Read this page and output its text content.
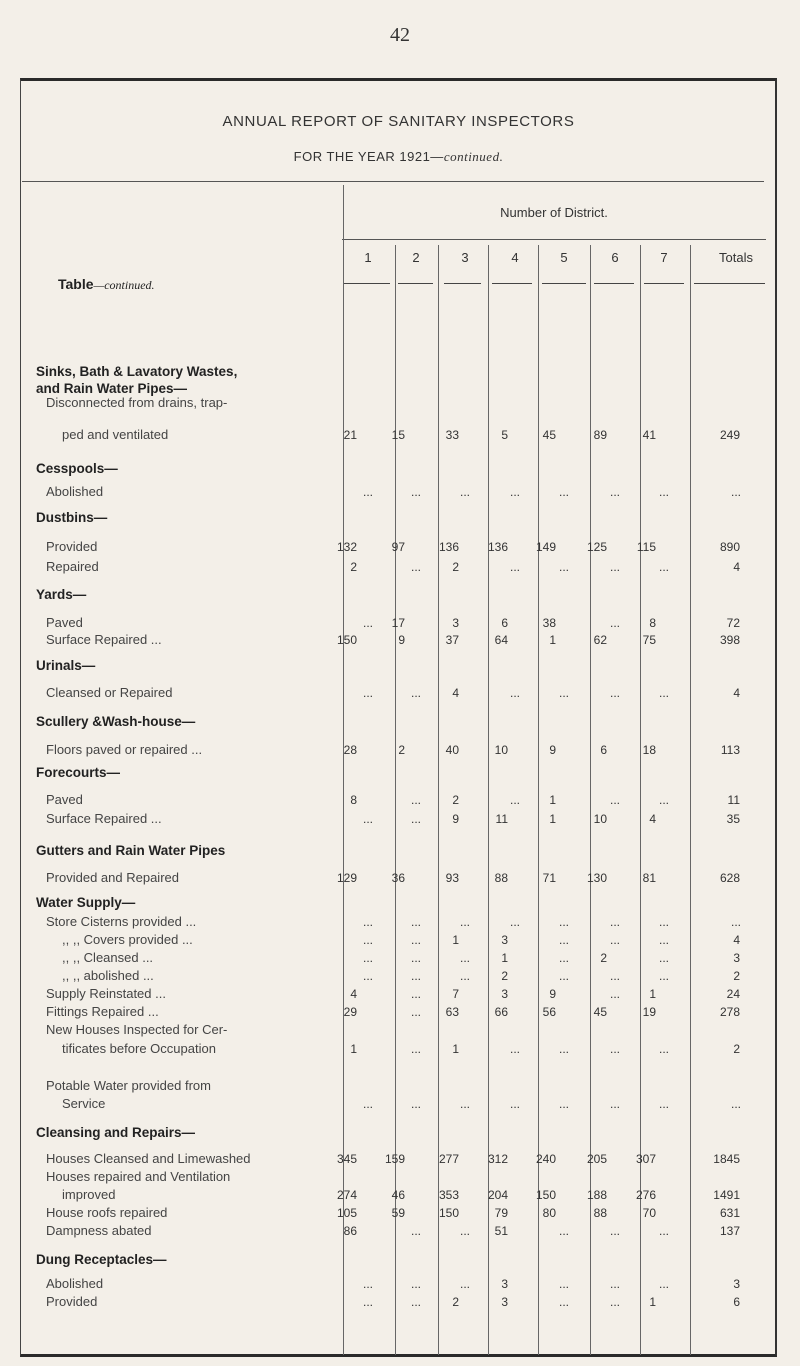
42
ANNUAL REPORT OF SANITARY INSPECTORS
FOR THE YEAR 1921—continued.
Number of District.
Table—continued.
1	2	3	4	5	6	7	Totals
Sinks, Bath & Lavatory Wastes,
and Rain Water Pipes—
Disconnected from drains, trap-
ped and ventilated	21	15	33	5	45	89	41	249
Cesspools—
Abolished	...	...	...	...	...	...	...	...
Dustbins—
Provided	132	97	136	136	149	125	115	890
Repaired	2	...	2	...	...	...	...	4
Yards—
Paved	...	17	3	6	38	...	8	72
Surface Repaired ...	150	9	37	64	1	62	75	398
Urinals—
Cleansed or Repaired	...	...	4	...	...	...	...	4
Scullery &Wash-house—
Floors paved or repaired ...	28	2	40	10	9	6	18	113
Forecourts—
Paved	8	...	2	...	1	...	...	11
Surface Repaired ...	...	...	9	11	1	10	4	35
Gutters and Rain Water Pipes
Provided and Repaired	129	36	93	88	71	130	81	628
Water Supply—
Store Cisterns provided ...	...	...	...	...	...	...	...	...
,, ,, Covers provided ...	...	...	1	3	...	...	...	4
,, ,, Cleansed ...	...	...	...	1	...	2	...	3
,, ,, abolished ...	...	...	...	2	...	...	...	2
Supply Reinstated ...	4	...	7	3	9	...	1	24
Fittings Repaired ...	29	...	63	66	56	45	19	278
New Houses Inspected for Cer-
tificates before Occupation	1	...	1	...	...	...	...	2
Potable Water provided from
Service	...	...	...	...	...	...	...	...
Cleansing and Repairs—
Houses Cleansed and Limewashed	345	159	277	312	240	205	307	1845
Houses repaired and Ventilation
improved	274	46	353	204	150	188	276	1491
House roofs repaired	105	59	150	79	80	88	70	631
Dampness abated	86	...	...	51	...	...	...	137
Dung Receptacles—
Abolished	...	...	...	3	...	...	...	3
Provided	...	...	2	3	...	...	1	6
